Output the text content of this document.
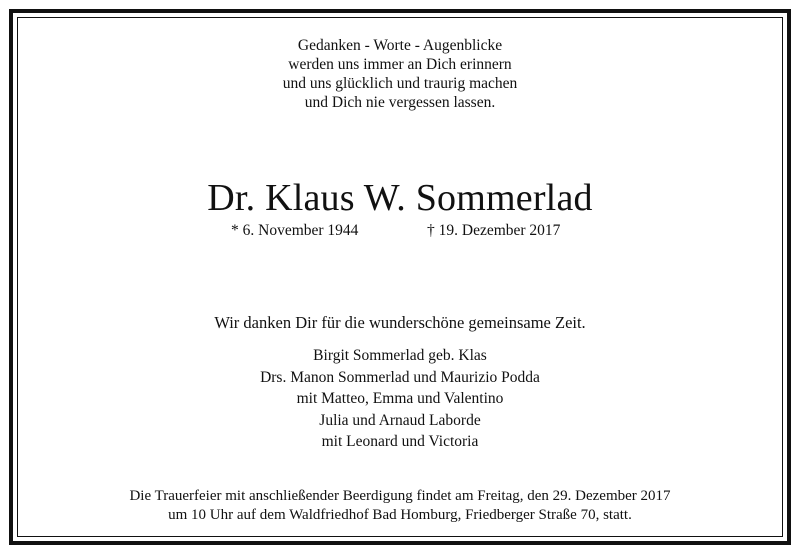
Gedanken - Worte - Augenblicke
werden uns immer an Dich erinnern
und uns glücklich und traurig machen
und Dich nie vergessen lassen.
Dr. Klaus W. Sommerlad
* 6. November 1944	† 19. Dezember 2017
Wir danken Dir für die wunderschöne gemeinsame Zeit.
Birgit Sommerlad geb. Klas
Drs. Manon Sommerlad und Maurizio Podda
mit Matteo, Emma und Valentino
Julia und Arnaud Laborde
mit Leonard und Victoria
Die Trauerfeier mit anschließender Beerdigung findet am Freitag, den 29. Dezember 2017
um 10 Uhr auf dem Waldfriedhof Bad Homburg, Friedberger Straße 70, statt.
